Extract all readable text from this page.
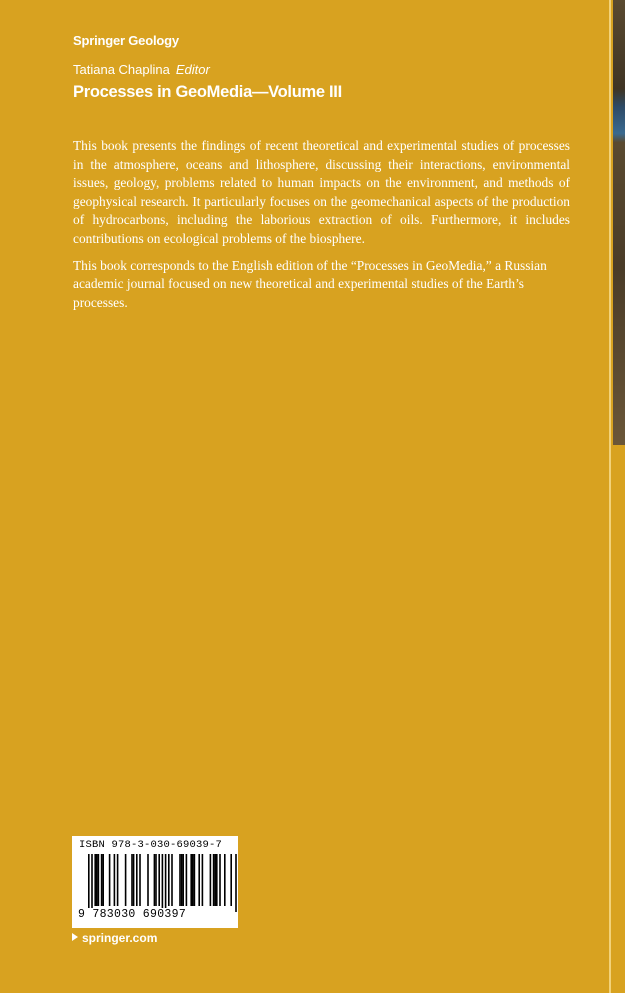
Springer Geology
Tatiana Chaplina Editor
Processes in GeoMedia—Volume III

This book presents the findings of recent theoretical and experimental studies of processes in the atmosphere, oceans and lithosphere, discussing their interactions, environmental issues, geology, problems related to human impacts on the environment, and methods of geophysical research. It particularly focuses on the geomechanical aspects of the production of hydrocarbons, including the laborious extraction of oils. Furthermore, it includes contributions on ecological problems of the biosphere.

This book corresponds to the English edition of the “Processes in GeoMedia,” a Russian academic journal focused on new theoretical and experimental studies of the Earth’s processes.

ISBN 978-3-030-69039-7
9 783030 690397
springer.com
